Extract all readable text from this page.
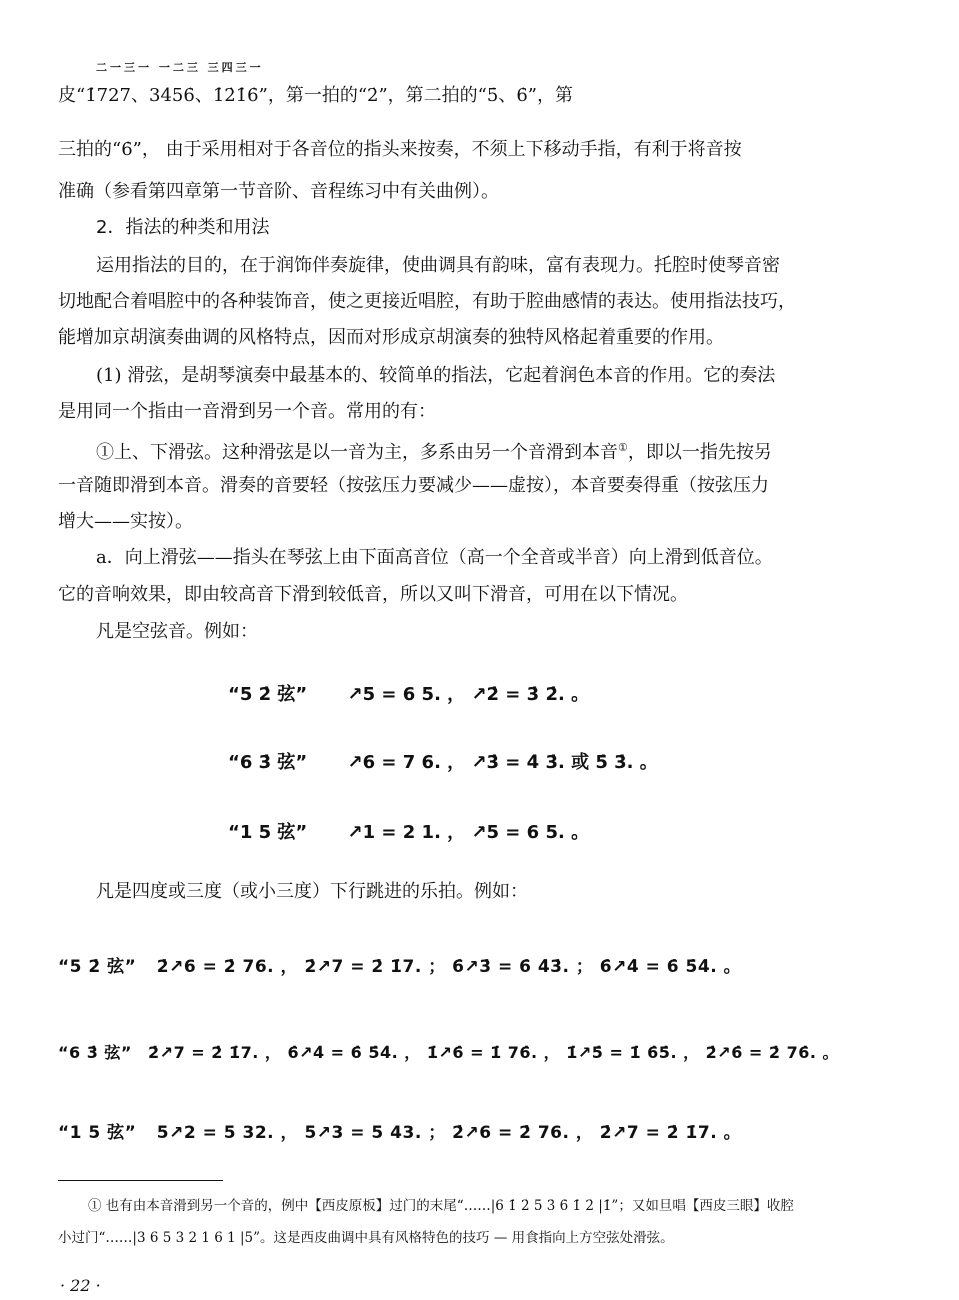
二一三一 一二三 三四三一
皮“1̇727、3456̇、1̇2̇1̇6̇”，第一拍的“2̇”，第二拍的“5̇、6̇”，第
三拍的“6̇”， 由于采用相对于各音位的指头来按奏，不须上下移动手指，有利于将音按
准确（参看第四章第一节音阶、音程练习中有关曲例）。
2．指法的种类和用法
运用指法的目的，在于润饰伴奏旋律，使曲调具有韵味，富有表现力。托腔时使琴音密
切地配合着唱腔中的各种装饰音，使之更接近唱腔，有助于腔曲感情的表达。使用指法技巧，
能增加京胡演奏曲调的风格特点，因而对形成京胡演奏的独特风格起着重要的作用。
(1) 滑弦，是胡琴演奏中最基本的、较简单的指法，它起着润色本音的作用。它的奏法
是用同一个指由一音滑到另一个音。常用的有：
①上、下滑弦。这种滑弦是以一音为主，多系由另一个音滑到本音①，即以一指先按另
一音随即滑到本音。滑奏的音要轻（按弦压力要减少——虚按），本音要奏得重（按弦压力
增大——实按）。
a．向上滑弦——指头在琴弦上由下面高音位（高一个全音或半音）向上滑到低音位。
它的音响效果，即由较高音下滑到较低音，所以又叫下滑音，可用在以下情况。
凡是空弦音。例如：
“5 2̇ 弦” ↗5 = 6 5. ， ↗2̇ = 3̇ 2̇. 。
“6 3̇ 弦” ↗6 = 7 6. ， ↗3̇ = 4̇ 3̇. 或 5̇ 3̇. 。
“1 5 弦” ↗1 = 2 1. ， ↗5 = 6 5. 。
凡是四度或三度（或小三度）下行跳进的乐拍。例如：
“5 2̇ 弦” 2̇↗6 = 2̇ 76. ， 2̇↗7 = 2̇ 1̇7. ； 6̇↗3̇ = 6̇ 4̇3̇. ； 6̇↗4̇ = 6̇ 5̇4̇. 。
“6 3̇ 弦” 2̇↗7 = 2̇ 1̇7. ， 6̇↗4̇ = 6̇ 5̇4̇. ， 1̇↗6̇ = 1̇ 76̇. ， 1̇↗5̇ = 1̇ 6̇5̇. ， 2̇↗6̇ = 2̇ 76̇. 。
“1 5 弦” 5↗2 = 5 32. ， 5↗3 = 5 43. ； 2̇↗6 = 2̇ 76. ， 2̇↗7 = 2̇ 1̇7. 。
① 也有由本音滑到另一个音的，例中【西皮原板】过门的末尾“……|6 1̇ 2̇ 5̇ 3̇ 6̇ 1̇ 2̇ |1̇”；又如旦唱【西皮三眼】收腔
小过门“……|3 6 5 3 2 1 6 1 |5”。这是西皮曲调中具有风格特色的技巧 — 用食指向上方空弦处滑弦。
· 22 ·
